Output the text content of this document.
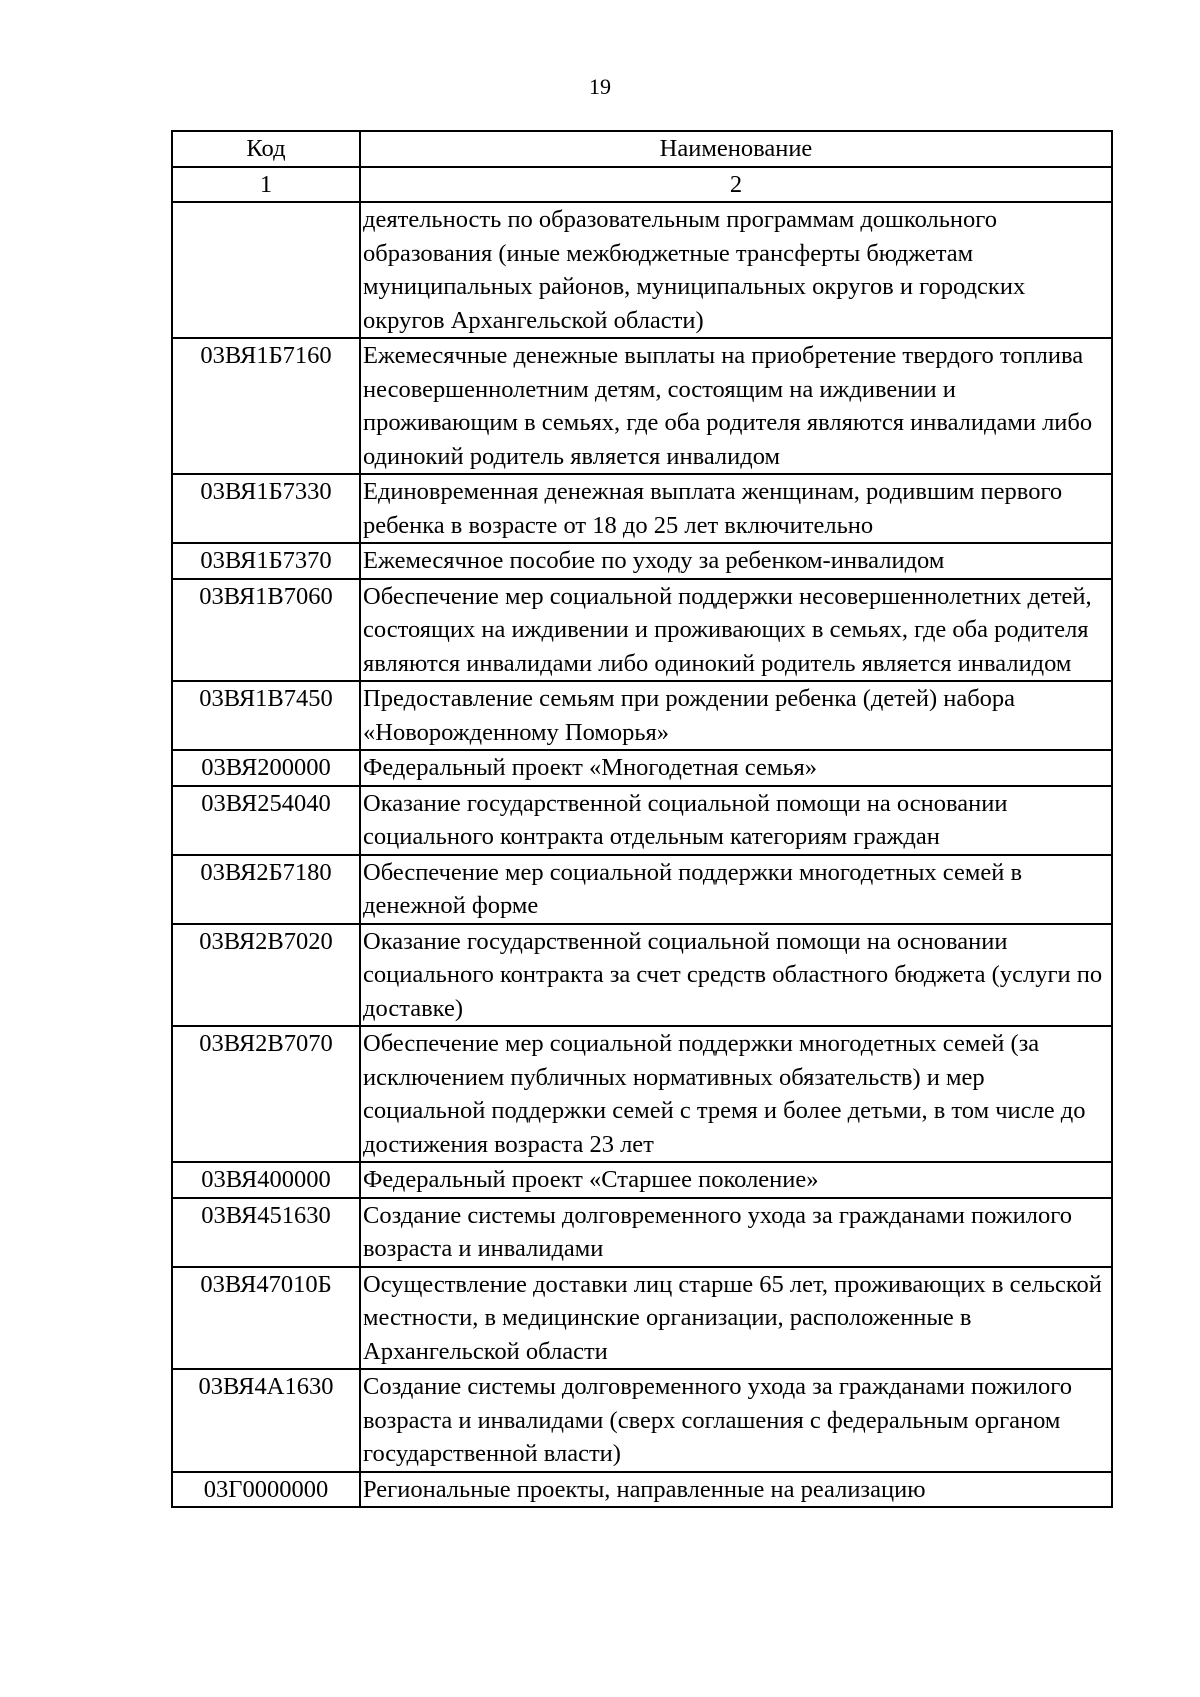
19
Код	Наименование
1	2
	деятельность по образовательным программам дошкольного образования (иные межбюджетные трансферты бюджетам муниципальных районов, муниципальных округов и городских округов Архангельской области)
03ВЯ1Б7160	Ежемесячные денежные выплаты на приобретение твердого топлива несовершеннолетним детям, состоящим на иждивении и проживающим в семьях, где оба родителя являются инвалидами либо одинокий родитель является инвалидом
03ВЯ1Б7330	Единовременная денежная выплата женщинам, родившим первого ребенка в возрасте от 18 до 25 лет включительно
03ВЯ1Б7370	Ежемесячное пособие по уходу за ребенком-инвалидом
03ВЯ1В7060	Обеспечение мер социальной поддержки несовершеннолетних детей, состоящих на иждивении и проживающих в семьях, где оба родителя являются инвалидами либо одинокий родитель является инвалидом
03ВЯ1В7450	Предоставление семьям при рождении ребенка (детей) набора «Новорожденному Поморья»
03ВЯ200000	Федеральный проект «Многодетная семья»
03ВЯ254040	Оказание государственной социальной помощи на основании социального контракта отдельным категориям граждан
03ВЯ2Б7180	Обеспечение мер социальной поддержки многодетных семей в денежной форме
03ВЯ2В7020	Оказание государственной социальной помощи на основании социального контракта за счет средств областного бюджета (услуги по доставке)
03ВЯ2В7070	Обеспечение мер социальной поддержки многодетных семей (за исключением публичных нормативных обязательств) и мер социальной поддержки семей с тремя и более детьми, в том числе до достижения возраста 23 лет
03ВЯ400000	Федеральный проект «Старшее поколение»
03ВЯ451630	Создание системы долговременного ухода за гражданами пожилого возраста и инвалидами
03ВЯ47010Б	Осуществление доставки лиц старше 65 лет, проживающих в сельской местности, в медицинские организации, расположенные в Архангельской области
03ВЯ4А1630	Создание системы долговременного ухода за гражданами пожилого возраста и инвалидами (сверх соглашения с федеральным органом государственной власти)
03Г0000000	Региональные проекты, направленные на реализацию
